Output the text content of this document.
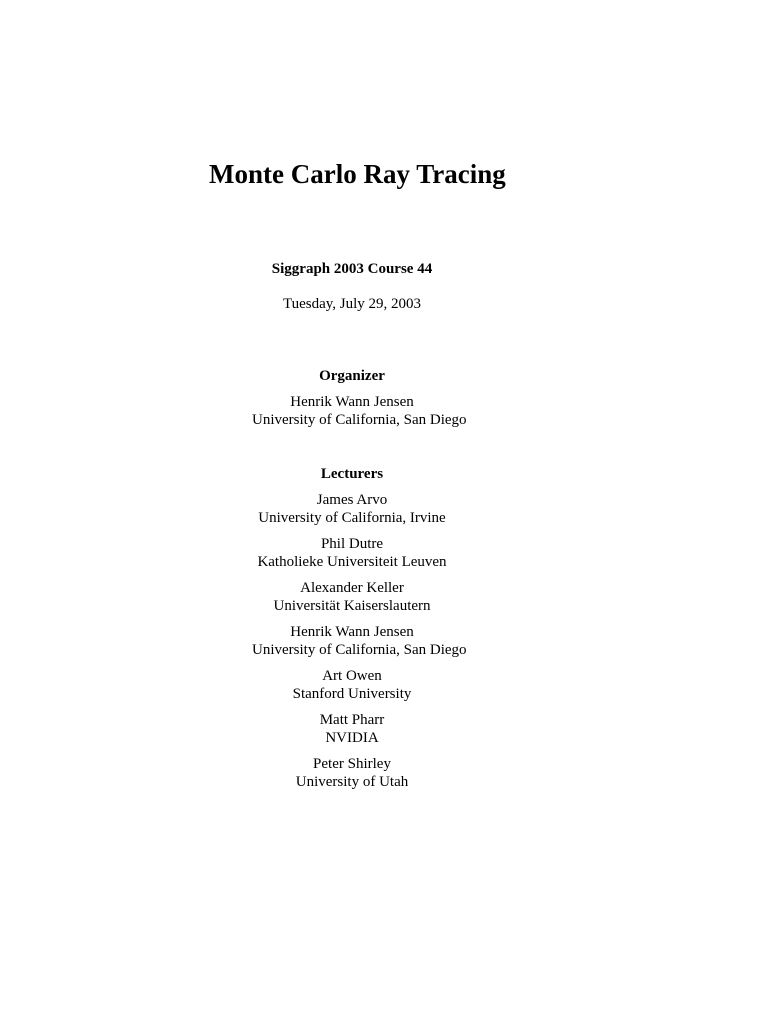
Monte Carlo Ray Tracing
Siggraph 2003 Course 44
Tuesday, July 29, 2003
Organizer
Henrik Wann Jensen
University of California, San Diego
Lecturers
James Arvo
University of California, Irvine
Phil Dutre
Katholieke Universiteit Leuven
Alexander Keller
Universität Kaiserslautern
Henrik Wann Jensen
University of California, San Diego
Art Owen
Stanford University
Matt Pharr
NVIDIA
Peter Shirley
University of Utah
